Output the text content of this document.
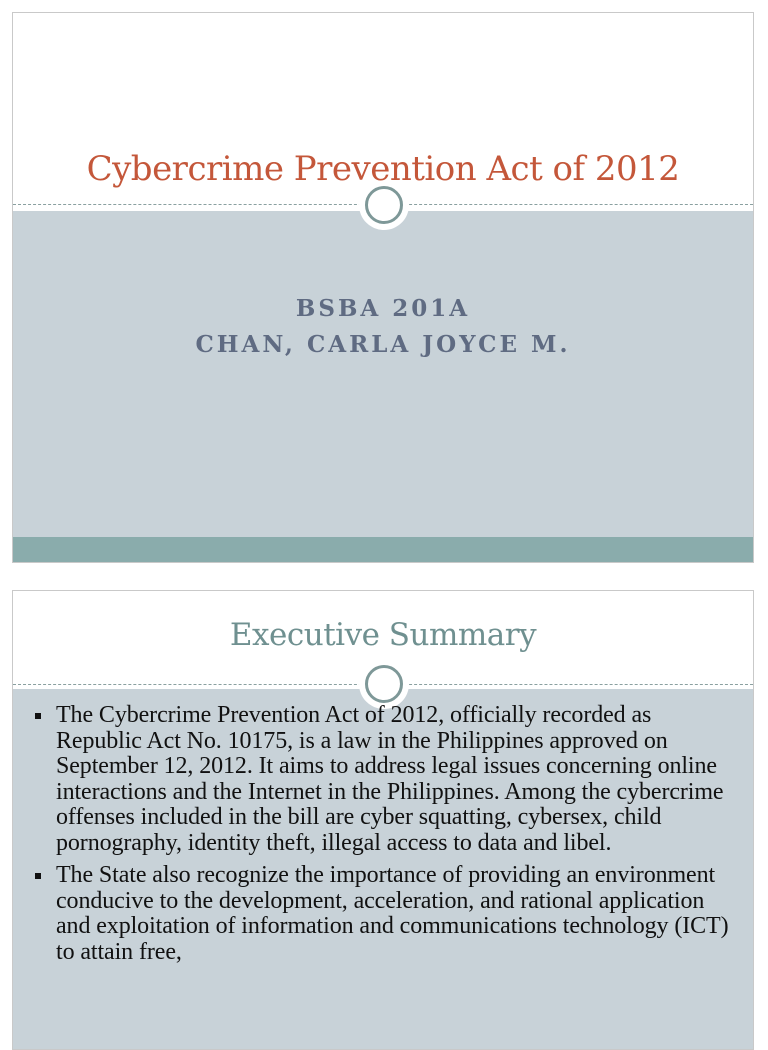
Cybercrime Prevention Act of 2012
BSBA 201A
CHAN, CARLA JOYCE M.
Executive Summary
The Cybercrime Prevention Act of 2012, officially recorded as Republic Act No. 10175, is a law in the Philippines approved on September 12, 2012. It aims to address legal issues concerning online interactions and the Internet in the Philippines. Among the cybercrime offenses included in the bill are cyber squatting, cybersex, child pornography, identity theft, illegal access to data and libel.
The State also recognize the importance of providing an environment conducive to the development, acceleration, and rational application and exploitation of information and communications technology (ICT) to attain free,
